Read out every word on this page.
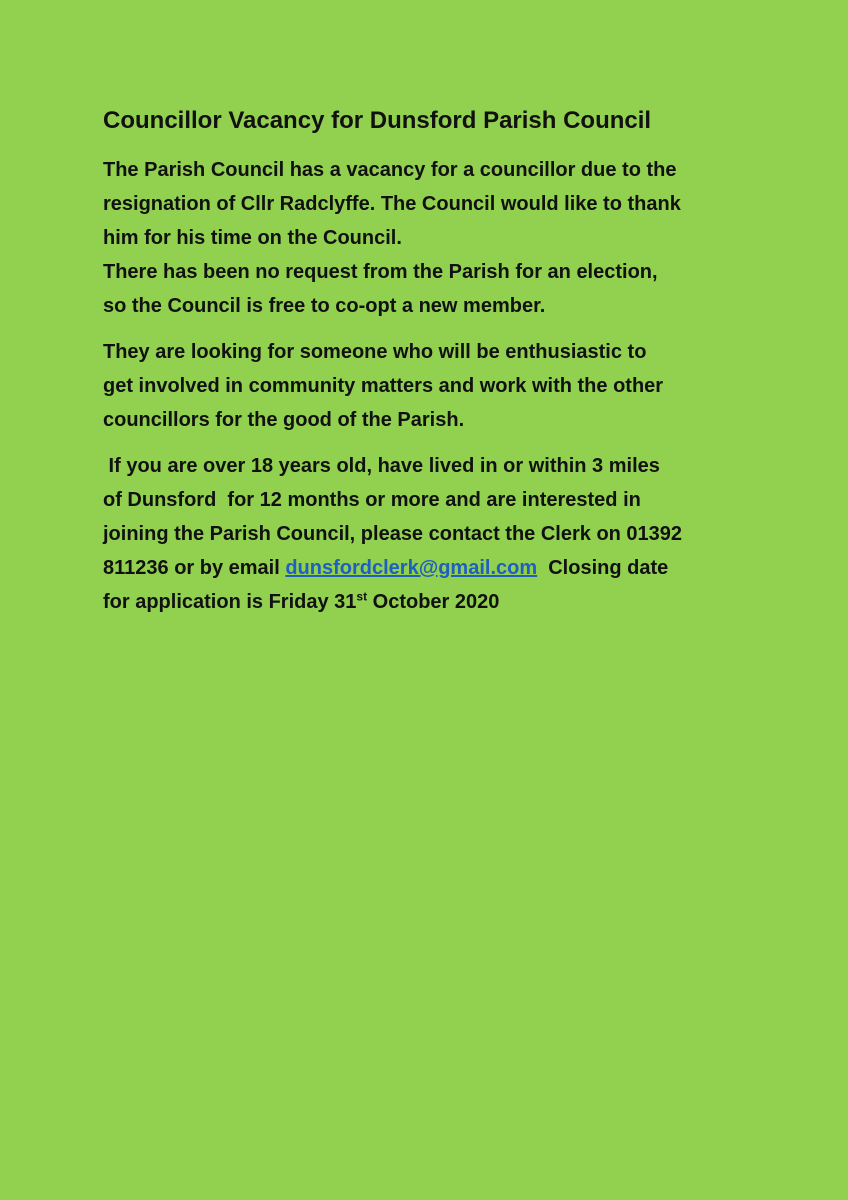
Councillor Vacancy for Dunsford Parish Council
The Parish Council has a vacancy for a councillor due to the
resignation of Cllr Radclyffe. The Council would like to thank
him for his time on the Council.
There has been no request from the Parish for an election,
so the Council is free to co-opt a new member.
They are looking for someone who will be enthusiastic to
get involved in community matters and work with the other
councillors for the good of the Parish.
If you are over 18 years old, have lived in or within 3 miles
of Dunsford  for 12 months or more and are interested in
joining the Parish Council, please contact the Clerk on 01392
811236 or by email dunsfordclerk@gmail.com  Closing date
for application is Friday 31st October 2020
